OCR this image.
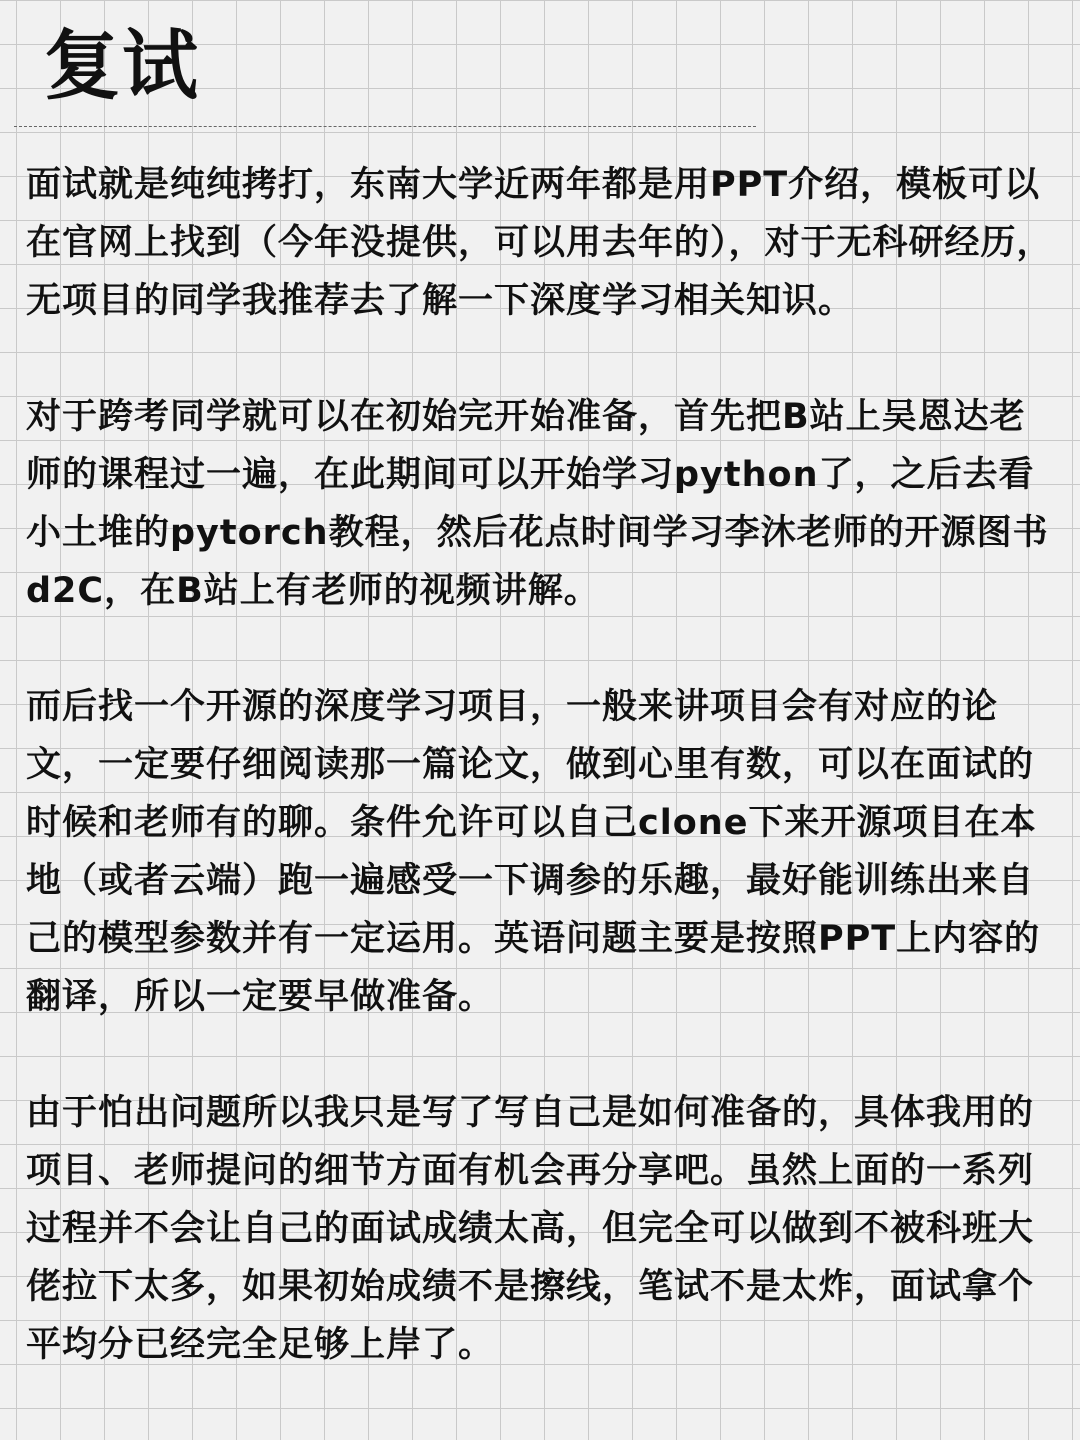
复试

面试就是纯纯拷打，东南大学近两年都是用PPT介绍，模板可以在官网上找到（今年没提供，可以用去年的），对于无科研经历，无项目的同学我推荐去了解一下深度学习相关知识。

对于跨考同学就可以在初始完开始准备，首先把B站上吴恩达老师的课程过一遍，在此期间可以开始学习python了，之后去看小土堆的pytorch教程，然后花点时间学习李沐老师的开源图书d2C，在B站上有老师的视频讲解。

而后找一个开源的深度学习项目，一般来讲项目会有对应的论文，一定要仔细阅读那一篇论文，做到心里有数，可以在面试的时候和老师有的聊。条件允许可以自己clone下来开源项目在本地（或者云端）跑一遍感受一下调参的乐趣，最好能训练出来自己的模型参数并有一定运用。英语问题主要是按照PPT上内容的翻译，所以一定要早做准备。

由于怕出问题所以我只是写了写自己是如何准备的，具体我用的项目、老师提问的细节方面有机会再分享吧。虽然上面的一系列过程并不会让自己的面试成绩太高，但完全可以做到不被科班大佬拉下太多，如果初始成绩不是擦线，笔试不是太炸，面试拿个平均分已经完全足够上岸了。
